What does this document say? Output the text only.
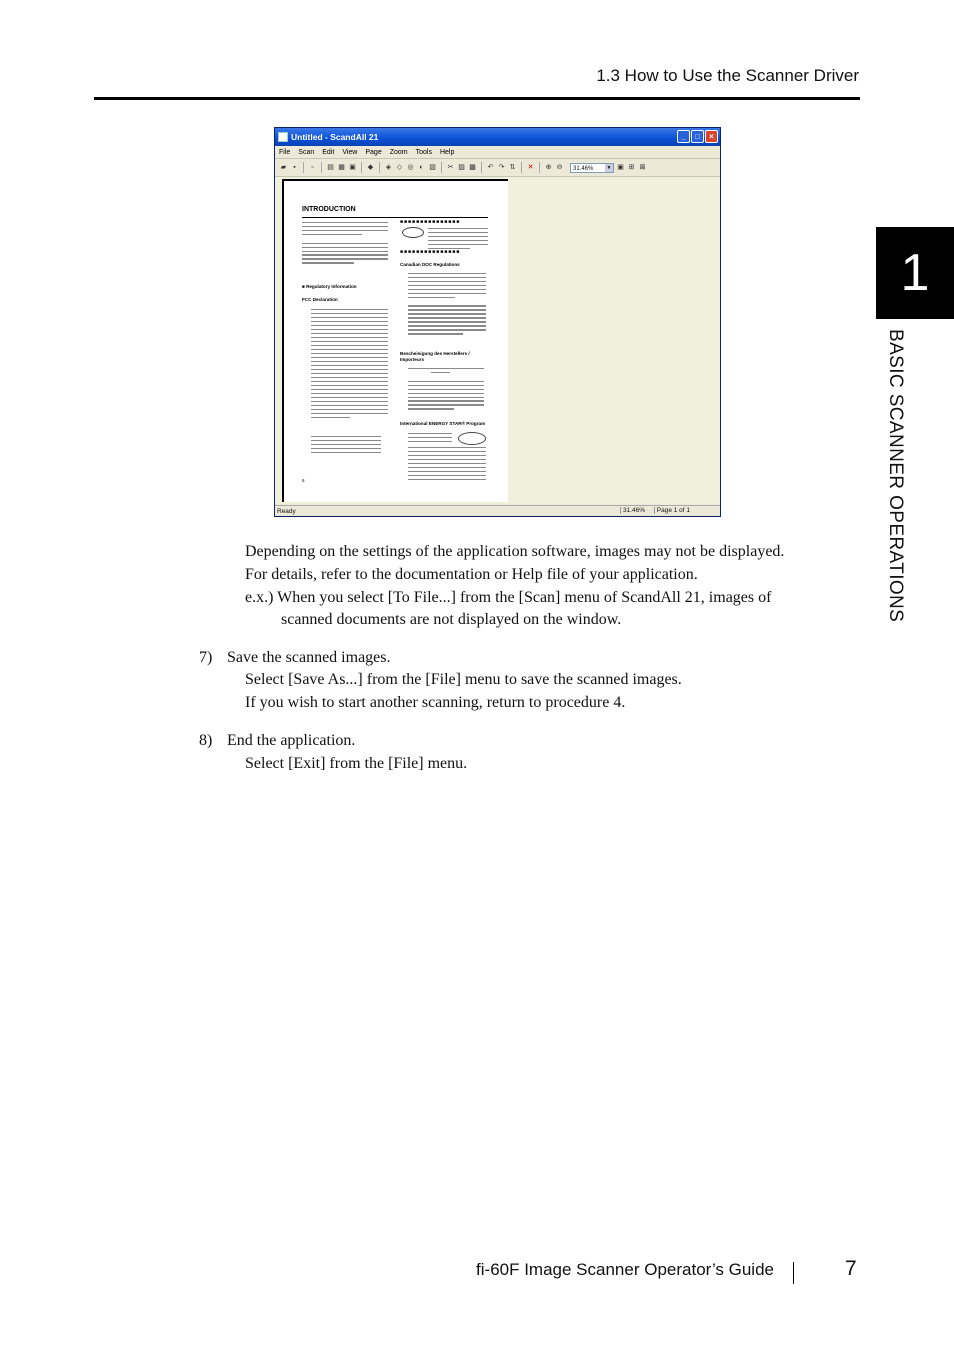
1.3 How to Use the Scanner Driver
1
BASIC SCANNER OPERATIONS
Untitled - ScandAll 21	_	□	×
File Scan Edit View Page Zoom Tools Help
▰	▪	▫	▤ ▦ ▣ ◆ ◈ ◇ ◎ ◐ ▧ ✂ ▨ ▩ ↶ ↷ ⇅ ✕ ⊕ ⊖	31.46%	▼ ▣ ⊞ ⊠
INTRODUCTION
■ Regulatory Information
FCC Declaration
6
■■■■■■■■■■■■■■■
■■■■■■■■■■■■■■■
Canadian DOC Regulations
Bescheinigung des Herstellers / Importeurs
International ENERGY STAR® Program
Ready	31.46%	Page 1 of 1
Depending on the settings of the application software, images may not be displayed.
For details, refer to the documentation or Help file of your application.
e.x.) When you select [To File...] from the [Scan] menu of ScandAll 21, images of
scanned documents are not displayed on the window.
7) Save the scanned images.
Select [Save As...] from the [File] menu to save the scanned images.
If you wish to start another scanning, return to procedure 4.
8) End the application.
Select [Exit] from the [File] menu.
fi-60F Image Scanner Operator’s Guide	7
